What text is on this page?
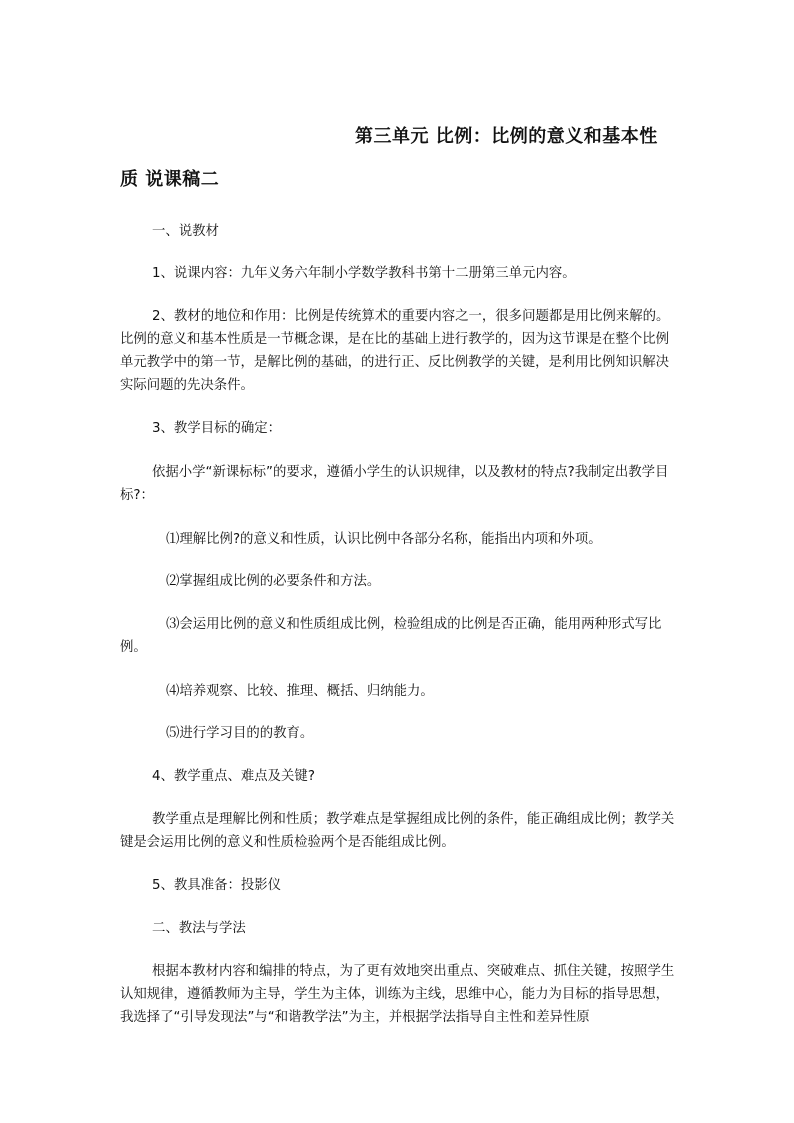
第三单元 比例：比例的意义和基本性
质 说课稿二
一、说教材
1、说课内容：九年义务六年制小学数学教科书第十二册第三单元内容。
2、教材的地位和作用：比例是传统算术的重要内容之一，很多问题都是用比例来解的。比例的意义和基本性质是一节概念课，是在比的基础上进行教学的，因为这节课是在整个比例单元教学中的第一节，是解比例的基础，的进行正、反比例教学的关键，是利用比例知识解决实际问题的先决条件。
3、教学目标的确定：
依据小学“新课标标”的要求，遵循小学生的认识规律，以及教材的特点?我制定出教学目标?：
⑴理解比例?的意义和性质，认识比例中各部分名称，能指出内项和外项。
⑵掌握组成比例的必要条件和方法。
⑶会运用比例的意义和性质组成比例，检验组成的比例是否正确，能用两种形式写比例。
⑷培养观察、比较、推理、概括、归纳能力。
⑸进行学习目的的教育。
4、教学重点、难点及关键?
教学重点是理解比例和性质；教学难点是掌握组成比例的条件，能正确组成比例；教学关键是会运用比例的意义和性质检验两个是否能组成比例。
5、教具准备：投影仪
二、教法与学法
根据本教材内容和编排的特点，为了更有效地突出重点、突破难点、抓住关键，按照学生认知规律，遵循教师为主导，学生为主体，训练为主线，思维中心，能力为目标的指导思想，我选择了“引导发现法”与“和谐教学法”为主，并根据学法指导自主性和差异性原
